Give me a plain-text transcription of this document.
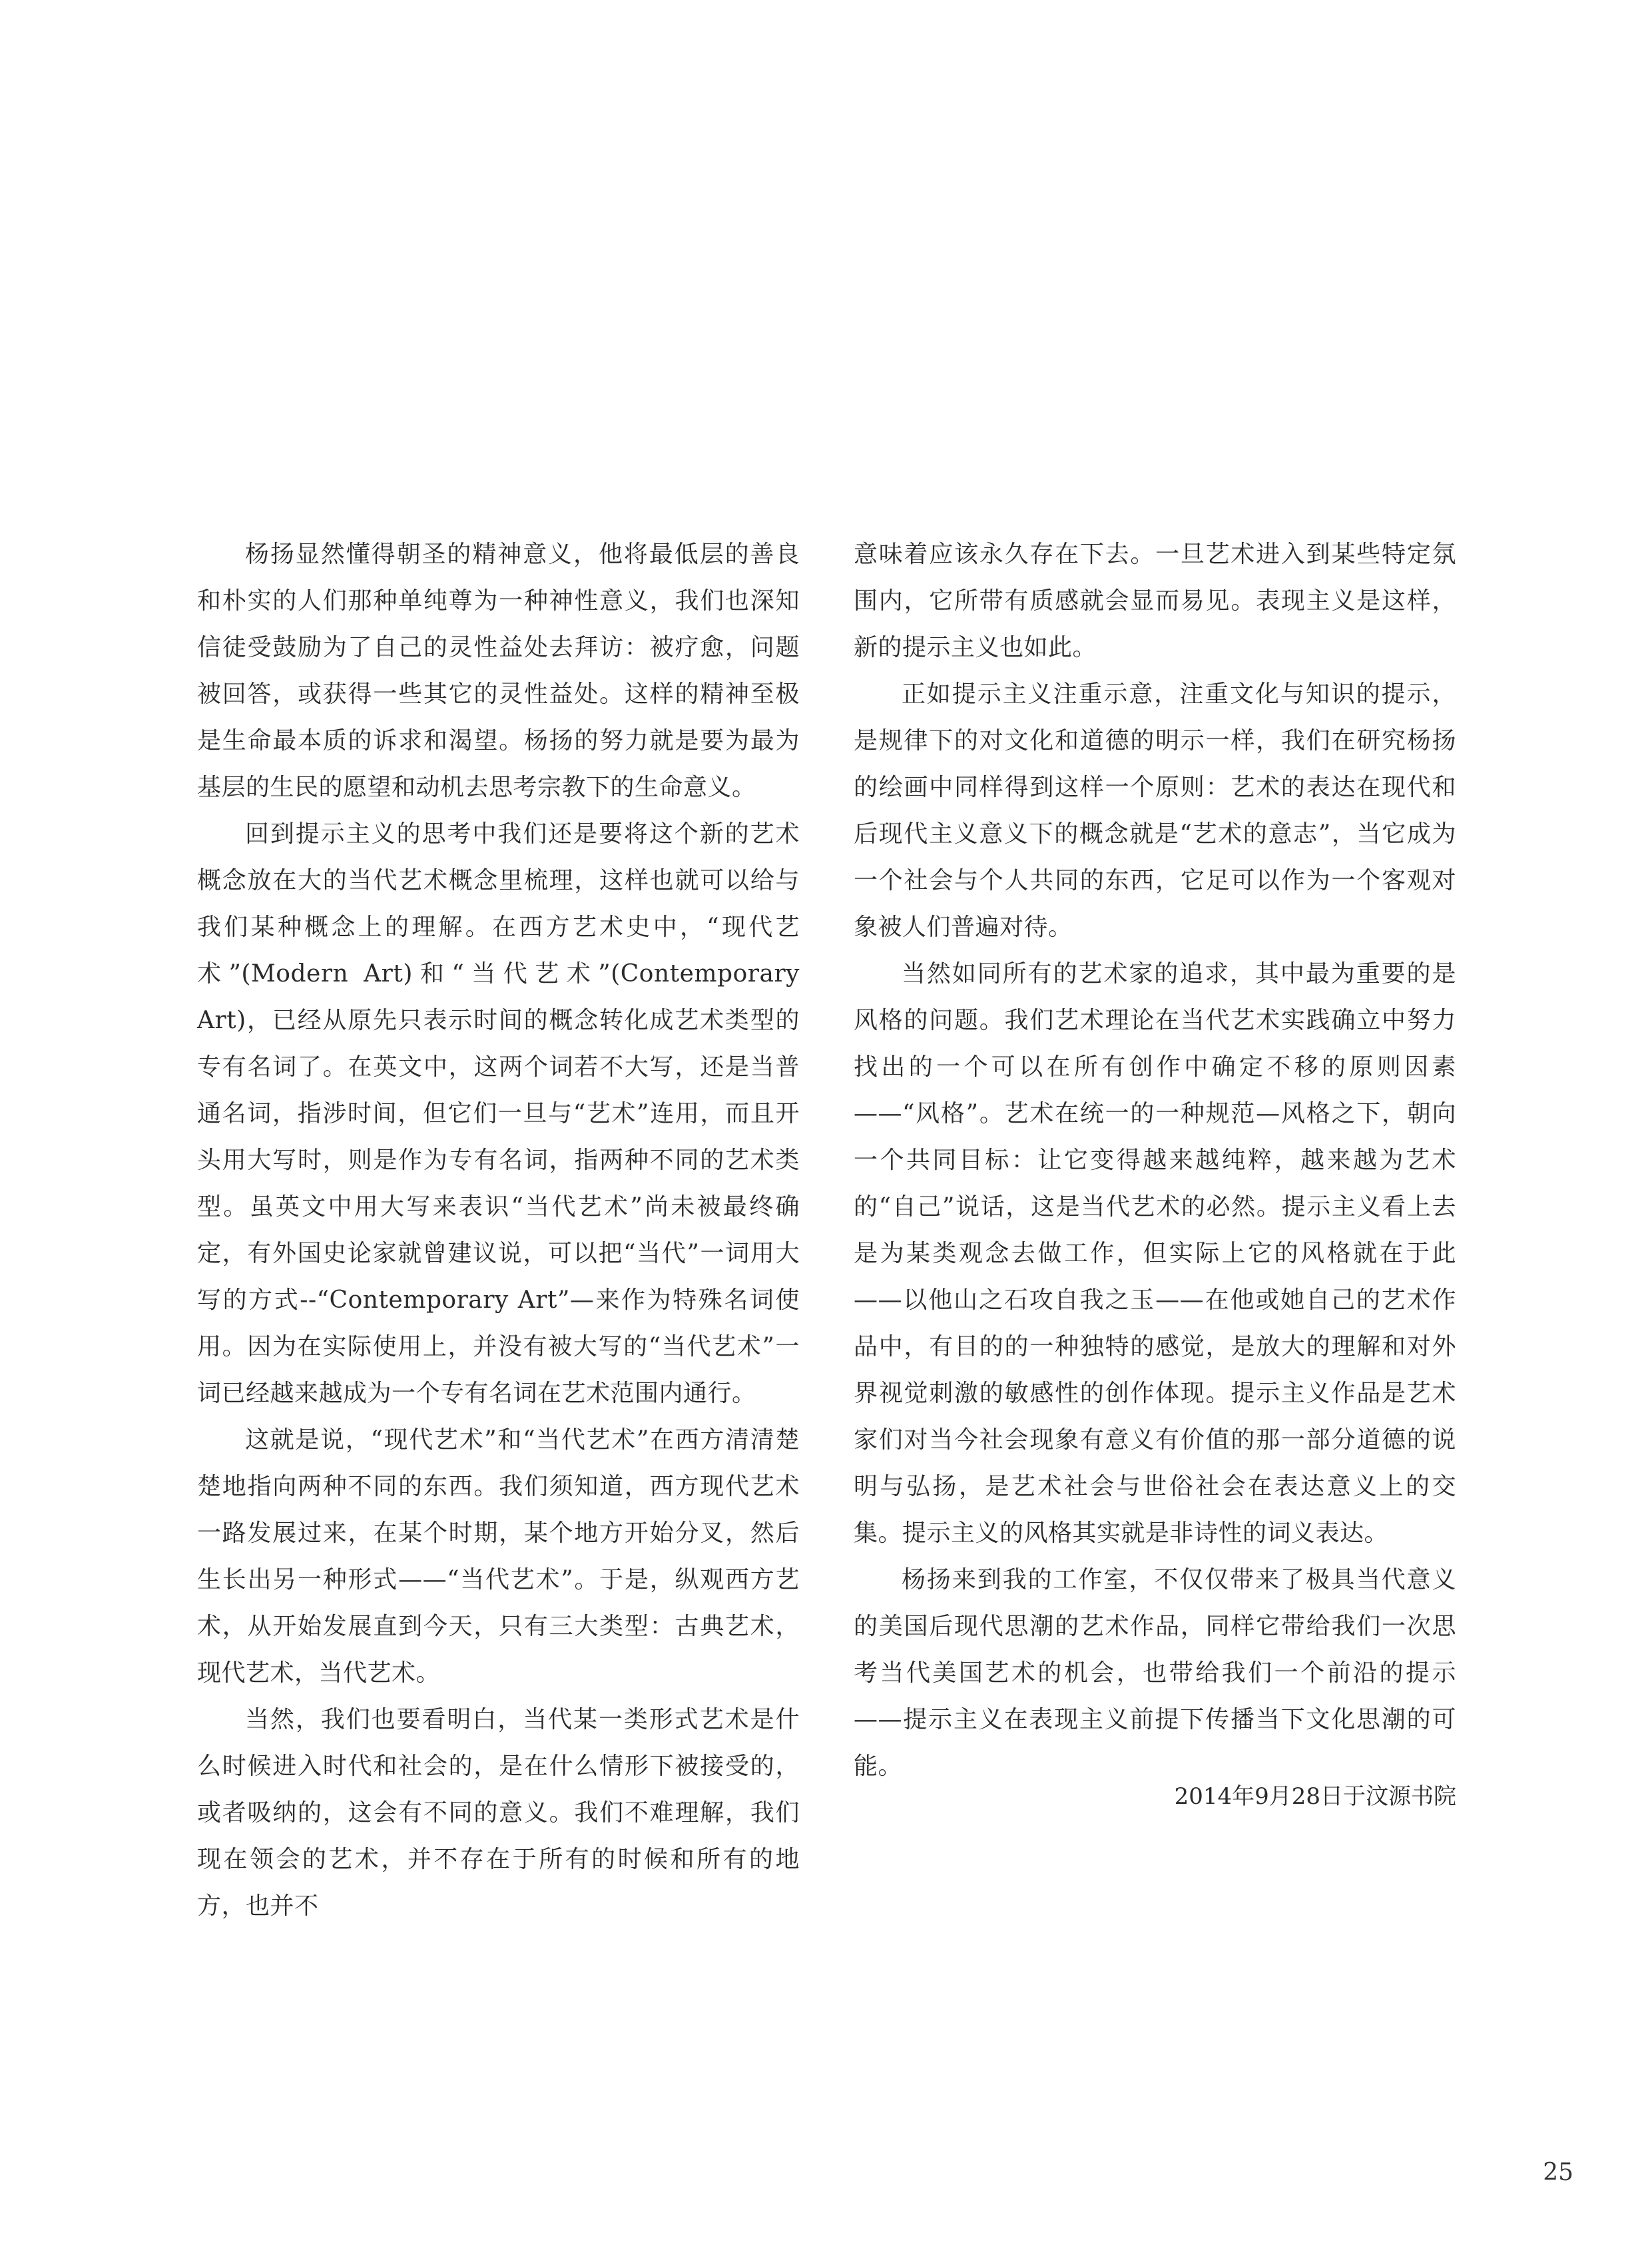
杨扬显然懂得朝圣的精神意义，他将最低层的善良和朴实的人们那种单纯尊为一种神性意义，我们也深知信徒受鼓励为了自己的灵性益处去拜访：被疗愈，问题被回答，或获得一些其它的灵性益处。这样的精神至极是生命最本质的诉求和渴望。杨扬的努力就是要为最为基层的生民的愿望和动机去思考宗教下的生命意义。

回到提示主义的思考中我们还是要将这个新的艺术概念放在大的当代艺术概念里梳理，这样也就可以给与我们某种概念上的理解。在西方艺术史中，“现代艺术”(Modern Art)和“当代艺术”(Contemporary Art)，已经从原先只表示时间的概念转化成艺术类型的专有名词了。在英文中，这两个词若不大写，还是当普通名词，指涉时间，但它们一旦与“艺术”连用，而且开头用大写时，则是作为专有名词，指两种不同的艺术类型。虽英文中用大写来表识“当代艺术”尚未被最终确定，有外国史论家就曾建议说，可以把“当代”一词用大写的方式--“Contemporary Art”—来作为特殊名词使用。因为在实际使用上，并没有被大写的“当代艺术”一词已经越来越成为一个专有名词在艺术范围内通行。

这就是说，“现代艺术”和“当代艺术”在西方清清楚楚地指向两种不同的东西。我们须知道，西方现代艺术一路发展过来，在某个时期，某个地方开始分叉，然后生长出另一种形式——“当代艺术”。于是，纵观西方艺术，从开始发展直到今天，只有三大类型：古典艺术，现代艺术，当代艺术。

当然，我们也要看明白，当代某一类形式艺术是什么时候进入时代和社会的，是在什么情形下被接受的，或者吸纳的，这会有不同的意义。我们不难理解，我们现在领会的艺术，并不存在于所有的时候和所有的地方，也并不

意味着应该永久存在下去。一旦艺术进入到某些特定氛围内，它所带有质感就会显而易见。表现主义是这样，新的提示主义也如此。

正如提示主义注重示意，注重文化与知识的提示，是规律下的对文化和道德的明示一样，我们在研究杨扬的绘画中同样得到这样一个原则：艺术的表达在现代和后现代主义意义下的概念就是“艺术的意志”，当它成为一个社会与个人共同的东西，它足可以作为一个客观对象被人们普遍对待。

当然如同所有的艺术家的追求，其中最为重要的是风格的问题。我们艺术理论在当代艺术实践确立中努力找出的一个可以在所有创作中确定不移的原则因素——“风格”。艺术在统一的一种规范—风格之下，朝向一个共同目标：让它变得越来越纯粹，越来越为艺术的“自己”说话，这是当代艺术的必然。提示主义看上去是为某类观念去做工作，但实际上它的风格就在于此——以他山之石攻自我之玉——在他或她自己的艺术作品中，有目的的一种独特的感觉，是放大的理解和对外界视觉刺激的敏感性的创作体现。提示主义作品是艺术家们对当今社会现象有意义有价值的那一部分道德的说明与弘扬，是艺术社会与世俗社会在表达意义上的交集。提示主义的风格其实就是非诗性的词义表达。

杨扬来到我的工作室，不仅仅带来了极具当代意义的美国后现代思潮的艺术作品，同样它带给我们一次思考当代美国艺术的机会，也带给我们一个前沿的提示——提示主义在表现主义前提下传播当下文化思潮的可能。

2014年9月28日于汶源书院
25
